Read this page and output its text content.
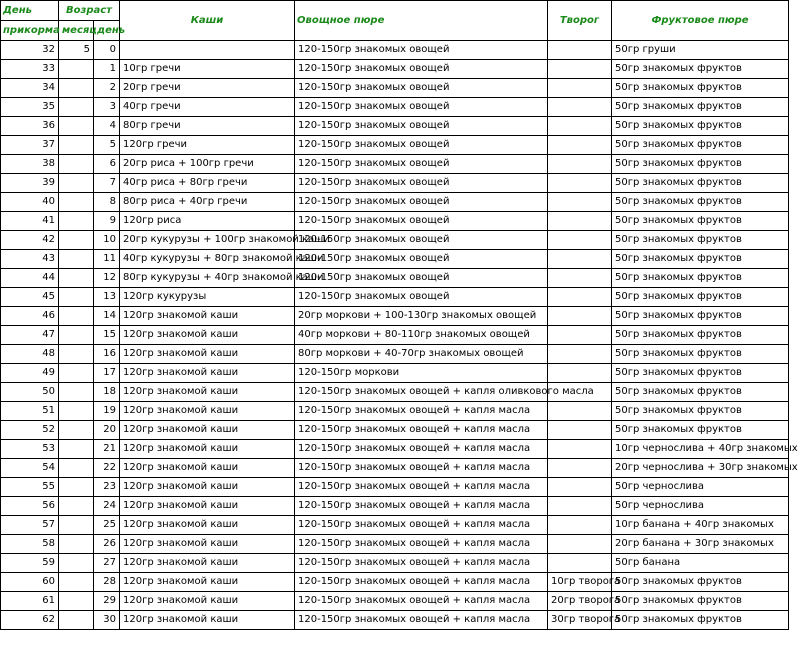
День	Возраст		Каши	Овощное пюре	Творог	Фруктовое пюре
прикорма	месяц	день				
32	5	0		120-150гр знакомых овощей		50гр груши
33		1	10гр гречи	120-150гр знакомых овощей		50гр знакомых фруктов
34		2	20гр гречи	120-150гр знакомых овощей		50гр знакомых фруктов
35		3	40гр гречи	120-150гр знакомых овощей		50гр знакомых фруктов
36		4	80гр гречи	120-150гр знакомых овощей		50гр знакомых фруктов
37		5	120гр гречи	120-150гр знакомых овощей		50гр знакомых фруктов
38		6	20гр риса + 100гр гречи	120-150гр знакомых овощей		50гр знакомых фруктов
39		7	40гр риса + 80гр гречи	120-150гр знакомых овощей		50гр знакомых фруктов
40		8	80гр риса + 40гр гречи	120-150гр знакомых овощей		50гр знакомых фруктов
41		9	120гр риса	120-150гр знакомых овощей		50гр знакомых фруктов
42		10	20гр кукурузы + 100гр знакомой каши	120-150гр знакомых овощей		50гр знакомых фруктов
43		11	40гр кукурузы + 80гр знакомой каши	120-150гр знакомых овощей		50гр знакомых фруктов
44		12	80гр кукурузы + 40гр знакомой каши	120-150гр знакомых овощей		50гр знакомых фруктов
45		13	120гр кукурузы	120-150гр знакомых овощей		50гр знакомых фруктов
46		14	120гр знакомой каши	20гр моркови + 100-130гр знакомых овощей		50гр знакомых фруктов
47		15	120гр знакомой каши	40гр моркови + 80-110гр знакомых овощей		50гр знакомых фруктов
48		16	120гр знакомой каши	80гр моркови + 40-70гр знакомых овощей		50гр знакомых фруктов
49		17	120гр знакомой каши	120-150гр моркови		50гр знакомых фруктов
50		18	120гр знакомой каши	120-150гр знакомых овощей + капля оливкового масла		50гр знакомых фруктов
51		19	120гр знакомой каши	120-150гр знакомых овощей + капля масла		50гр знакомых фруктов
52		20	120гр знакомой каши	120-150гр знакомых овощей + капля масла		50гр знакомых фруктов
53		21	120гр знакомой каши	120-150гр знакомых овощей + капля масла		10гр чернослива + 40гр знакомых
54		22	120гр знакомой каши	120-150гр знакомых овощей + капля масла		20гр чернослива + 30гр знакомых
55		23	120гр знакомой каши	120-150гр знакомых овощей + капля масла		50гр чернослива
56		24	120гр знакомой каши	120-150гр знакомых овощей + капля масла		50гр чернослива
57		25	120гр знакомой каши	120-150гр знакомых овощей + капля масла		10гр банана + 40гр знакомых
58		26	120гр знакомой каши	120-150гр знакомых овощей + капля масла		20гр банана + 30гр знакомых
59		27	120гр знакомой каши	120-150гр знакомых овощей + капля масла		50гр банана
60		28	120гр знакомой каши	120-150гр знакомых овощей + капля масла	10гр творога	50гр знакомых фруктов
61		29	120гр знакомой каши	120-150гр знакомых овощей + капля масла	20гр творога	50гр знакомых фруктов
62		30	120гр знакомой каши	120-150гр знакомых овощей + капля масла	30гр творога	50гр знакомых фруктов
